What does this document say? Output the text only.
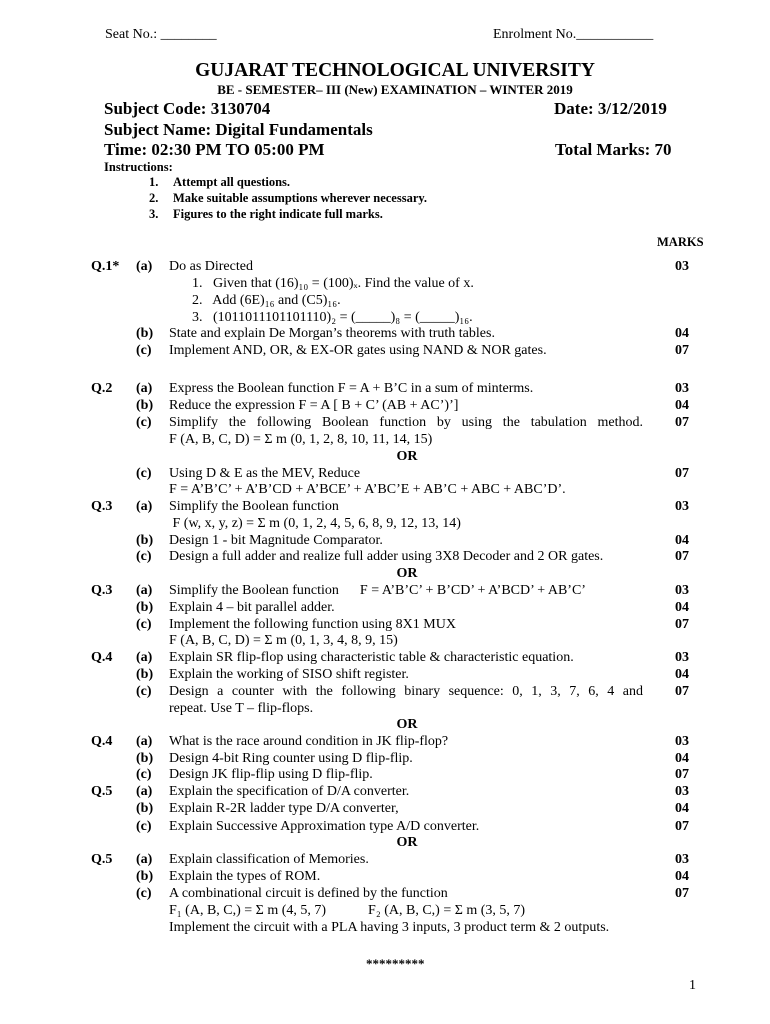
Seat No.: ________	Enrolment No.___________
GUJARAT TECHNOLOGICAL UNIVERSITY
BE - SEMESTER– III (New) EXAMINATION – WINTER 2019
Subject Code: 3130704	Date: 3/12/2019
Subject Name: Digital Fundamentals
Time: 02:30 PM TO 05:00 PM	Total Marks: 70
Instructions:
1. Attempt all questions.
2. Make suitable assumptions wherever necessary.
3. Figures to the right indicate full marks.
MARKS
Q.1* (a) Do as Directed	03
1.   Given that (16)₁₀ = (100)ₓ. Find the value of x.
2.   Add (6E)₁₆ and (C5)₁₆.
3.   (1011011101101110)₂ = (_____)₈ = (_____)₁₆.
(b) State and explain De Morgan’s theorems with truth tables.	04
(c) Implement AND, OR, & EX-OR gates using NAND & NOR gates.	07
Q.2 (a) Express the Boolean function F = A + B’C in a sum of minterms.	03
(b) Reduce the expression F = A [ B + C’ (AB + AC’)’]	04
(c) Simplify the following Boolean function by using the tabulation method. 07
F (A, B, C, D) = Σ m (0, 1, 2, 8, 10, 11, 14, 15)
OR
(c) Using D & E as the MEV, Reduce	07
F = A’B’C’ + A’B’CD + A’BCE’ + A’BC’E + AB’C + ABC + ABC’D’.
Q.3 (a) Simplify the Boolean function	03
F (w, x, y, z) = Σ m (0, 1, 2, 4, 5, 6, 8, 9, 12, 13, 14)
(b) Design 1 - bit Magnitude Comparator.	04
(c) Design a full adder and realize full adder using 3X8 Decoder and 2 OR gates.	07
OR
Q.3 (a) Simplify the Boolean function      F = A’B’C’ + B’CD’ + A’BCD’ + AB’C’	03
(b) Explain 4 – bit parallel adder.	04
(c) Implement the following function using 8X1 MUX	07
F (A, B, C, D) = Σ m (0, 1, 3, 4, 8, 9, 15)
Q.4 (a) Explain SR flip-flop using characteristic table & characteristic equation.	03
(b) Explain the working of SISO shift register.	04
(c) Design a counter with the following binary sequence: 0, 1, 3, 7, 6, 4 and 07
repeat. Use T – flip-flops.
OR
Q.4 (a) What is the race around condition in JK flip-flop?	03
(b) Design 4-bit Ring counter using D flip-flip.	04
(c) Design JK flip-flip using D flip-flip.	07
Q.5 (a) Explain the specification of D/A converter.	03
(b) Explain R-2R ladder type D/A converter,	04
(c) Explain Successive Approximation type A/D converter.	07
OR
Q.5 (a) Explain classification of Memories.	03
(b) Explain the types of ROM.	04
(c) A combinational circuit is defined by the function	07
F₁ (A, B, C,) = Σ m (4, 5, 7)            F₂ (A, B, C,) = Σ m (3, 5, 7)
Implement the circuit with a PLA having 3 inputs, 3 product term & 2 outputs.
*********
1
